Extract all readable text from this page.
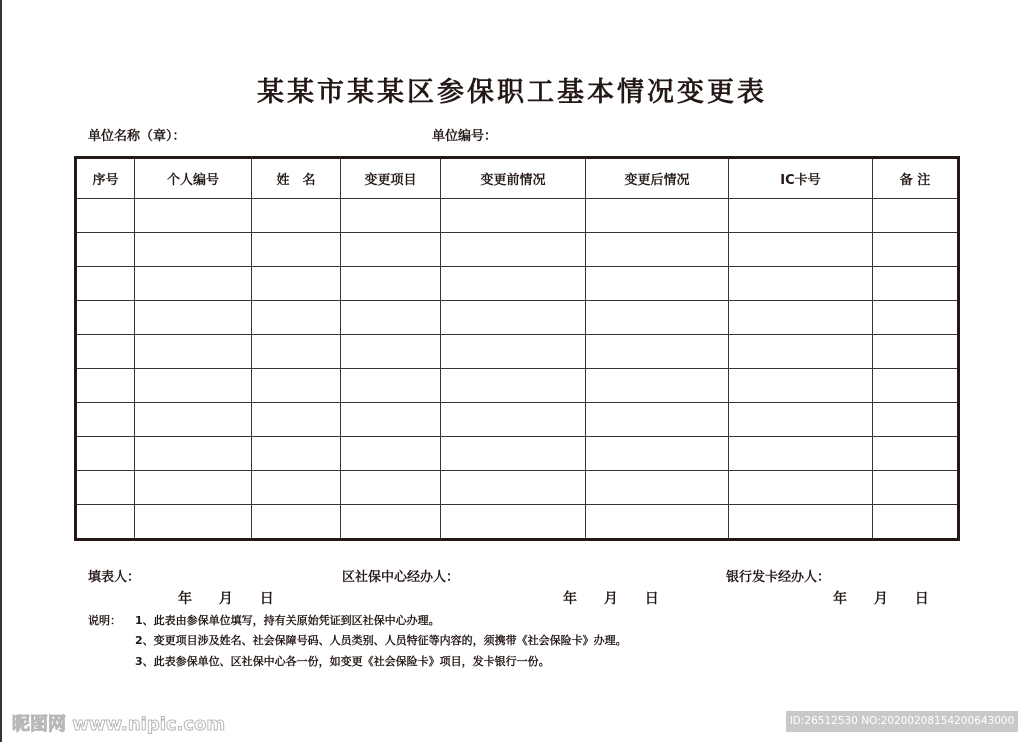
某某市某某区参保职工基本情况变更表
单位名称（章）：	单位编号：
序号	个人编号	姓　名	变更项目	变更前情况	变更后情况	IC卡号	备 注

填表人：	区社保中心经办人：	银行发卡经办人：
年 月 日	年 月 日	年 月 日
说明： 1、此表由参保单位填写，持有关原始凭证到区社保中心办理。
2、变更项目涉及姓名、社会保障号码、人员类别、人员特征等内容的，须携带《社会保险卡》办理。
3、此表参保单位、区社保中心各一份，如变更《社会保险卡》项目，发卡银行一份。
昵图网 www.nipic.com	ID:26512530 NO:20200208154200643000
